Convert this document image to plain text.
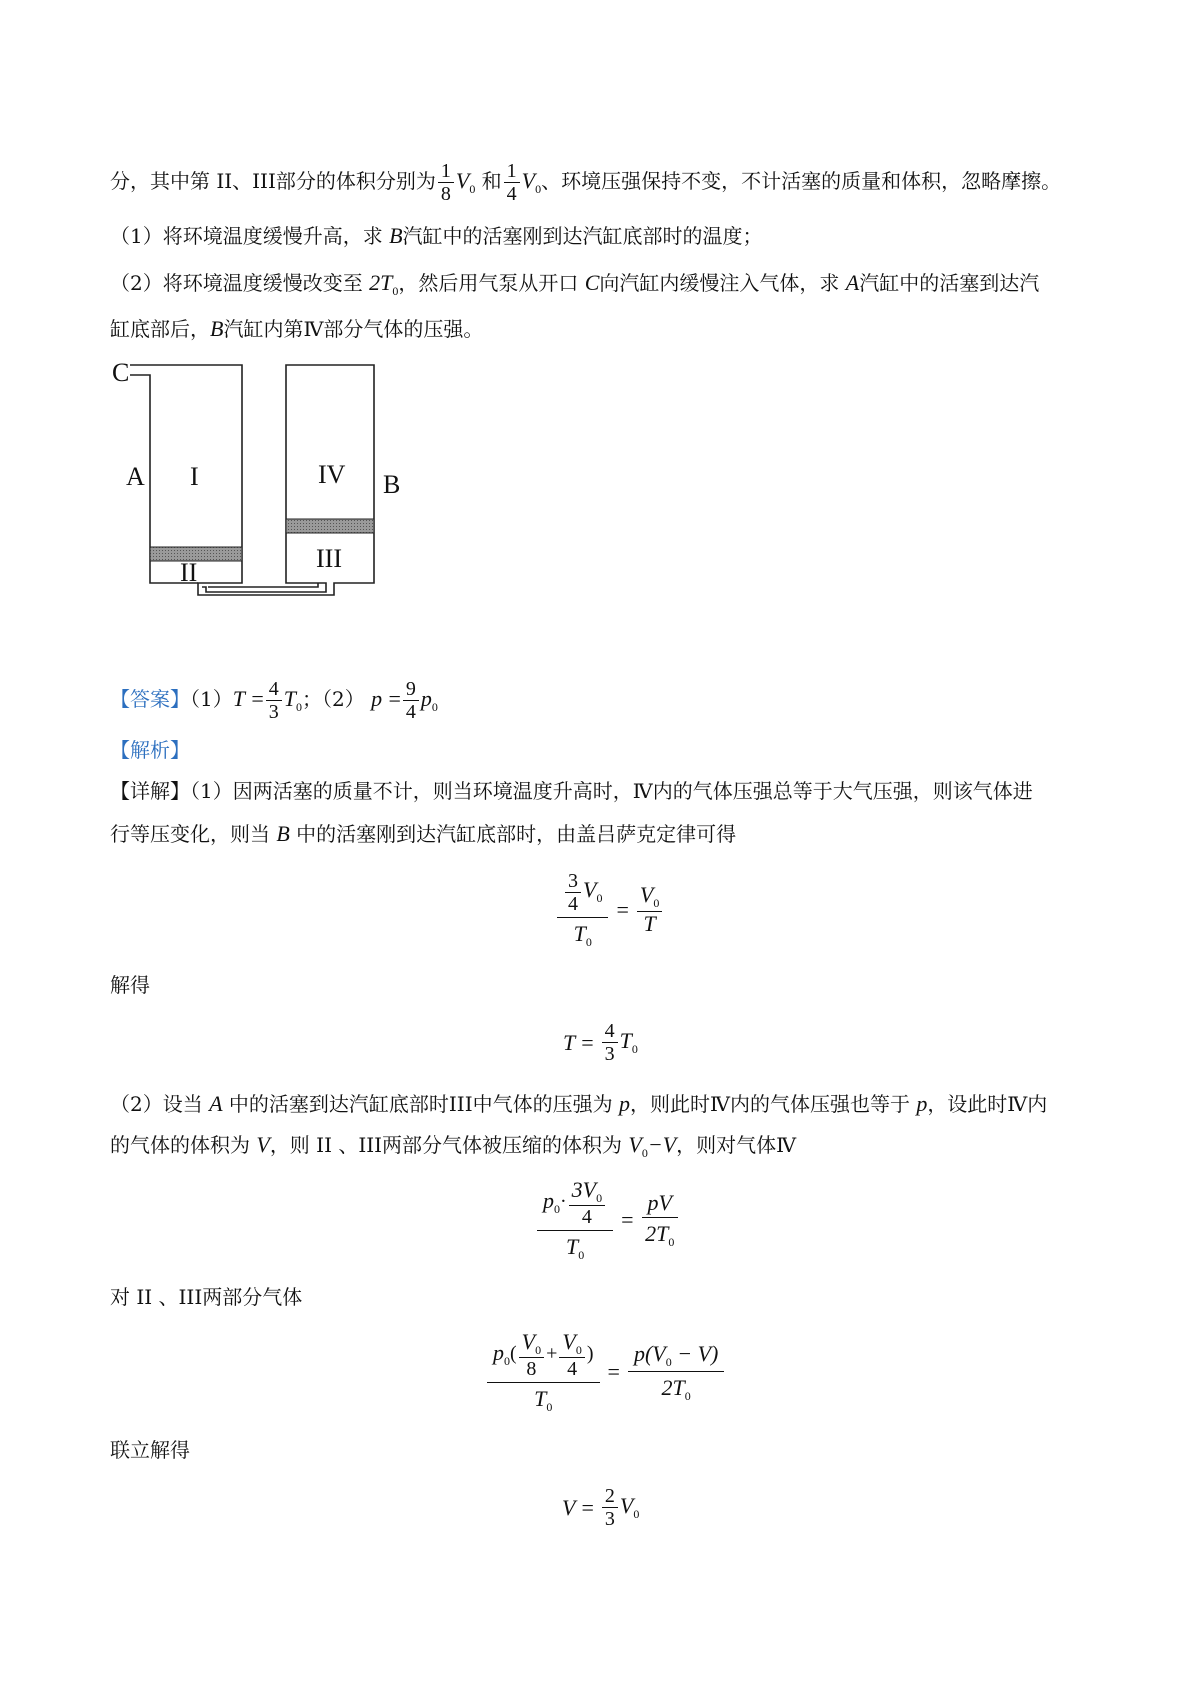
分，其中第 II、III部分的体积分别为 $\frac{1}{8} V_0$ 和 $\frac{1}{4} V_0$、环境压强保持不变，不计活塞的质量和体积，忽略摩擦。
（1）将环境温度缓慢升高，求 B汽缸中的活塞刚到达汽缸底部时的温度；
（2）将环境温度缓慢改变至 $2T_0$，然后用气泵从开口 C向汽缸内缓慢注入气体，求 A汽缸中的活塞到达汽
缸底部后，B汽缸内第Ⅳ部分气体的压强。
C
A I
II
IV B
III
【答案】$(1)T = \frac{4}{3} T_0$；（2） $p = \frac{9}{4} p_0$
【解析】
【详解】（1）因两活塞的质量不计，则当环境温度升高时，Ⅳ内的气体压强总等于大气压强，则该气体进
行等压变化，则当 B 中的活塞刚到达汽缸底部时，由盖吕萨克定律可得
$\frac{\frac{3}{4} V_0}{T_0} = \frac{V_0}{T}$
解得
$T = \frac{4}{3} T_0$
（2）设当 A 中的活塞到达汽缸底部时III中气体的压强为 p，则此时Ⅳ内的气体压强也等于 p，设此时Ⅳ内
的气体的体积为 V，则 II 、III两部分气体被压缩的体积为 $V_0-V$，则对气体Ⅳ
$\frac{p_0\cdot \frac{3V_0}{4}}{T_0} = \frac{pV}{2T_0}$
对 II 、III两部分气体
$\frac{p_0( \frac{V_0}{8} + \frac{V_0}{4} )}{T_0} = \frac{p(V_0 - V)}{2T_0}$
联立解得
$V = \frac{2}{3} V_0$
